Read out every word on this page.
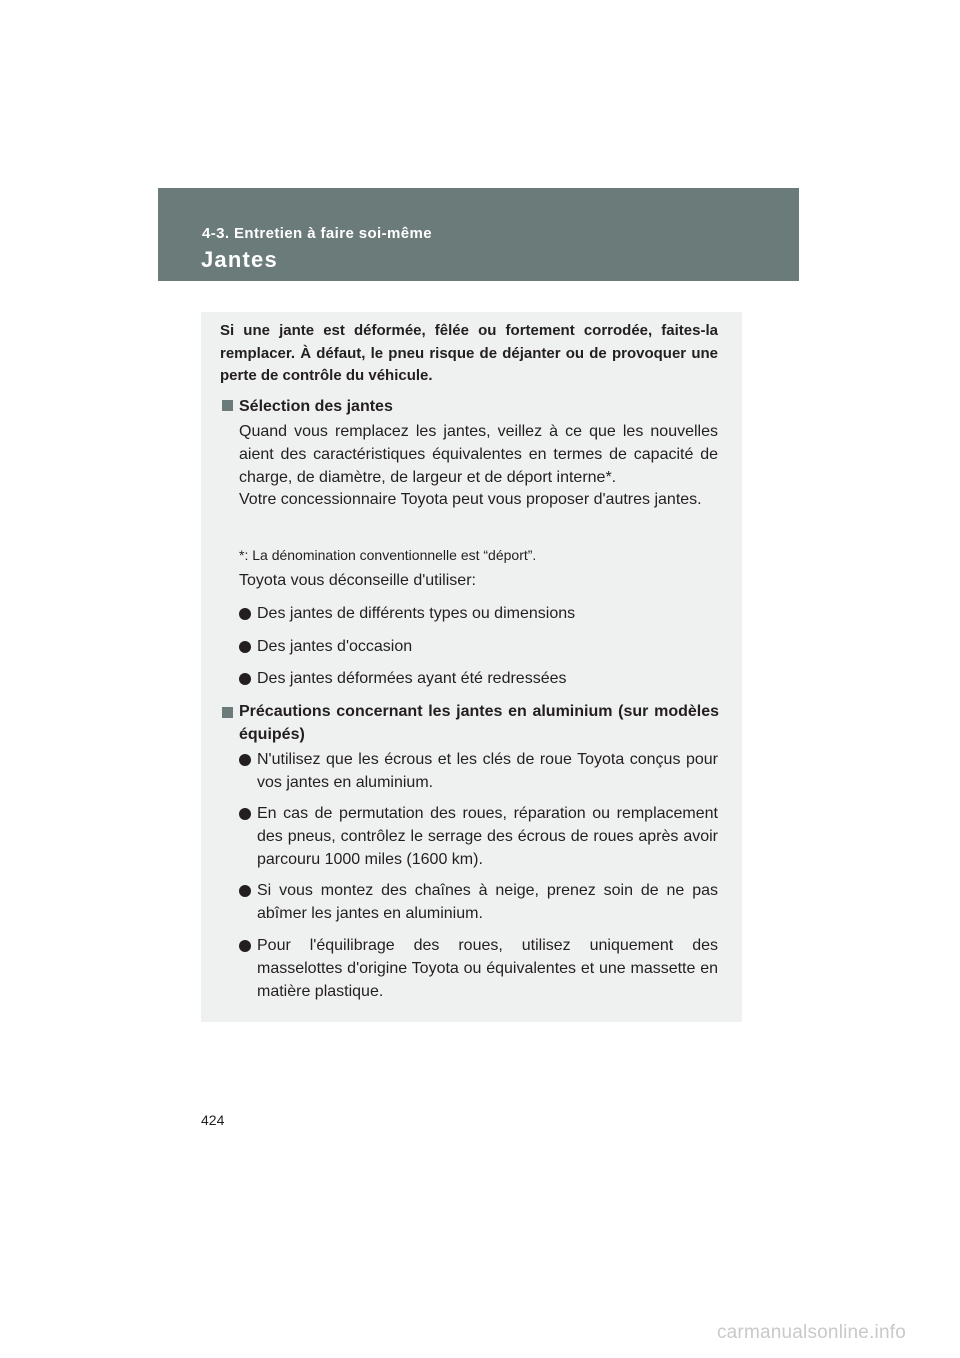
4-3. Entretien à faire soi-même
Jantes

Si une jante est déformée, fêlée ou fortement corrodée, faites-la remplacer. À défaut, le pneu risque de déjanter ou de provoquer une perte de contrôle du véhicule.

Sélection des jantes

Quand vous remplacez les jantes, veillez à ce que les nouvelles aient des caractéristiques équivalentes en termes de capacité de charge, de diamètre, de largeur et de déport interne*.

Votre concessionnaire Toyota peut vous proposer d'autres jantes.

*: La dénomination conventionnelle est “déport”.

Toyota vous déconseille d'utiliser:

Des jantes de différents types ou dimensions
Des jantes d'occasion
Des jantes déformées ayant été redressées
Précautions concernant les jantes en aluminium (sur modèles équipés)
N'utilisez que les écrous et les clés de roue Toyota conçus pour vos jantes en aluminium.
En cas de permutation des roues, réparation ou remplacement des pneus, contrôlez le serrage des écrous de roues après avoir parcouru 1000 miles (1600 km).
Si vous montez des chaînes à neige, prenez soin de ne pas abîmer les jantes en aluminium.
Pour l'équilibrage des roues, utilisez uniquement des masselottes d'origine Toyota ou équivalentes et une massette en matière plastique.
424
carmanualsonline.info
